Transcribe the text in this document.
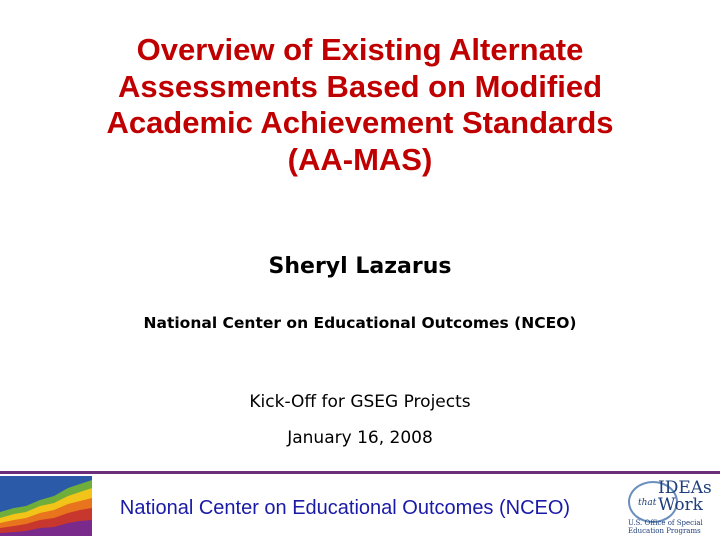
Overview of Existing Alternate
Assessments Based on Modified
Academic Achievement Standards
(AA-MAS)
Sheryl Lazarus
National Center on Educational Outcomes (NCEO)
Kick-Off for GSEG Projects
January 16, 2008
National Center on Educational Outcomes (NCEO)
IDEAs
that Work
U.S. Office of Special
Education Programs
